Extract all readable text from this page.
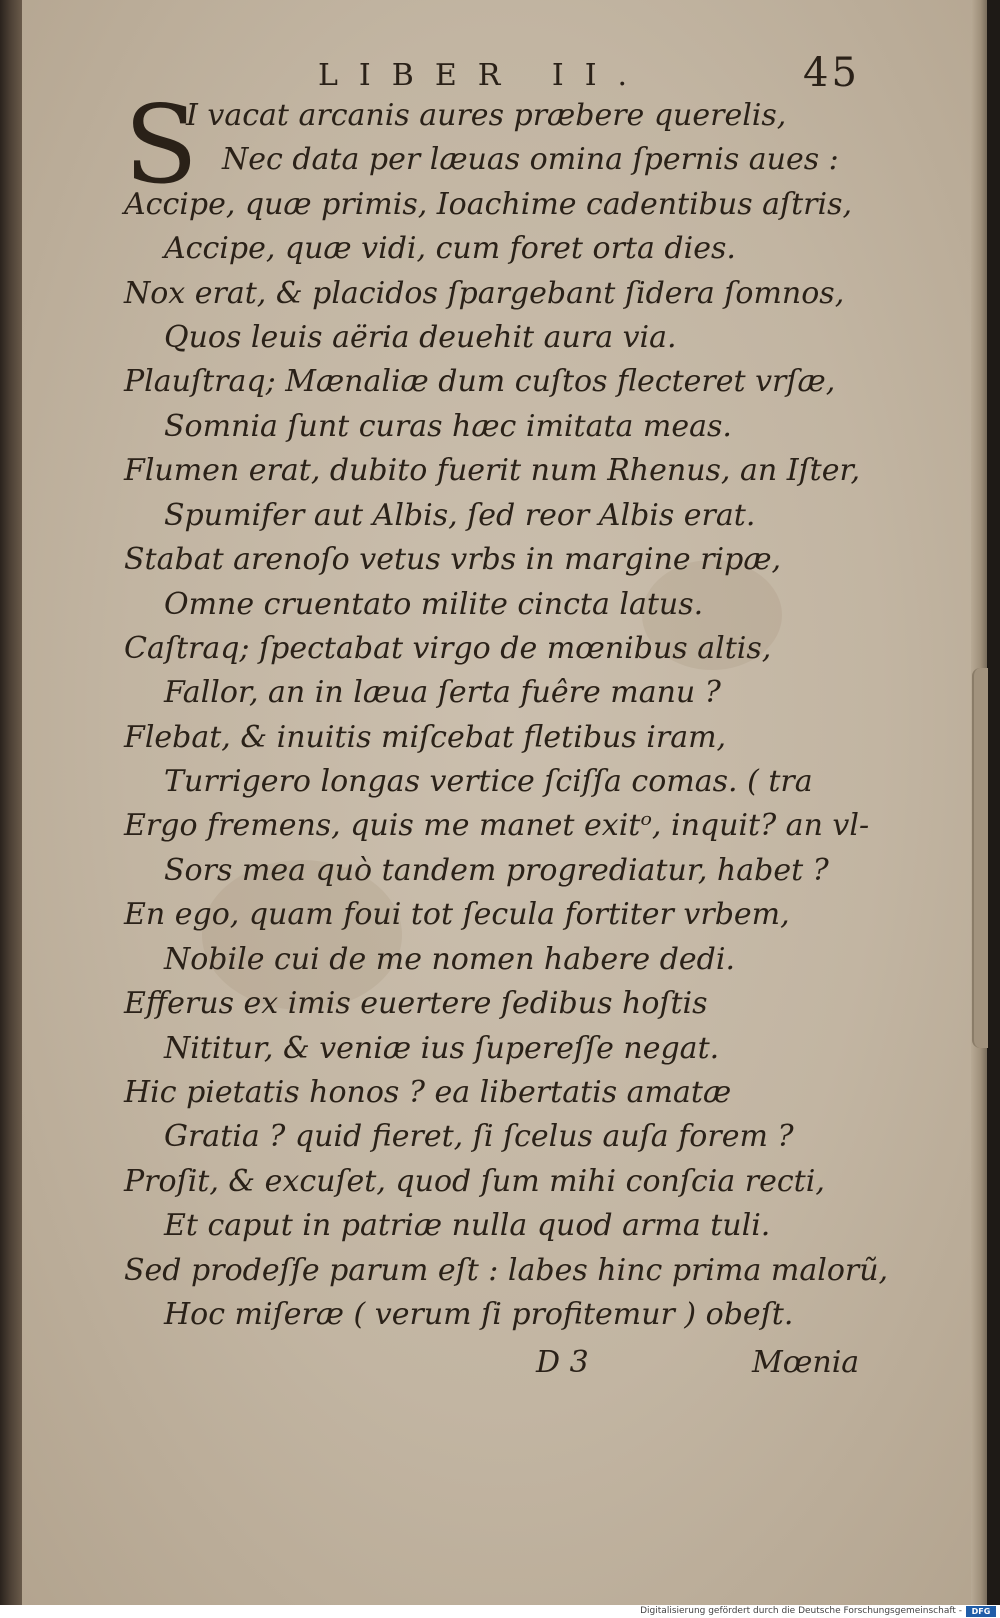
LIBER II.	45
S
I vacat arcanis aures præbere querelis,
Nec data per læuas omina ſpernis aues :
Accipe, quæ primis, Ioachime cadentibus aſtris,
Accipe, quæ vidi, cum foret orta dies.
Nox erat, & placidos ſpargebant ſidera ſomnos,
Quos leuis aëria deuehit aura via.
Plauſtraq; Mænaliæ dum cuſtos flecteret vrſæ,
Somnia ſunt curas hæc imitata meas.
Flumen erat, dubito fuerit num Rhenus, an Iſter,
Spumifer aut Albis, ſed reor Albis erat.
Stabat arenoſo vetus vrbs in margine ripæ,
Omne cruentato milite cincta latus.
Caſtraq; ſpectabat virgo de mœnibus altis,
Fallor, an in læua ſerta fuêre manu ?
Flebat, & inuitis miſcebat fletibus iram,
Turrigero longas vertice ſciſſa comas. ( tra
Ergo fremens, quis me manet exitᵒ, inquit? an vl-
Sors mea quò tandem progrediatur, habet ?
En ego, quam foui tot ſecula fortiter vrbem,
Nobile cui de me nomen habere dedi.
Efferus ex imis euertere ſedibus hoſtis
Nititur, & veniæ ius ſupereſſe negat.
Hic pietatis honos ? ea libertatis amatæ
Gratia ? quid fieret, ſi ſcelus auſa forem ?
Proſit, & excuſet, quod ſum mihi conſcia recti,
Et caput in patriæ nulla quod arma tuli.
Sed prodeſſe parum eſt : labes hinc prima malorũ,
Hoc miſeræ ( verum ſi profitemur ) obeſt.
D 3	Mœnia
Digitalisierung gefördert durch die Deutsche Forschungsgemeinschaft -	DFG
